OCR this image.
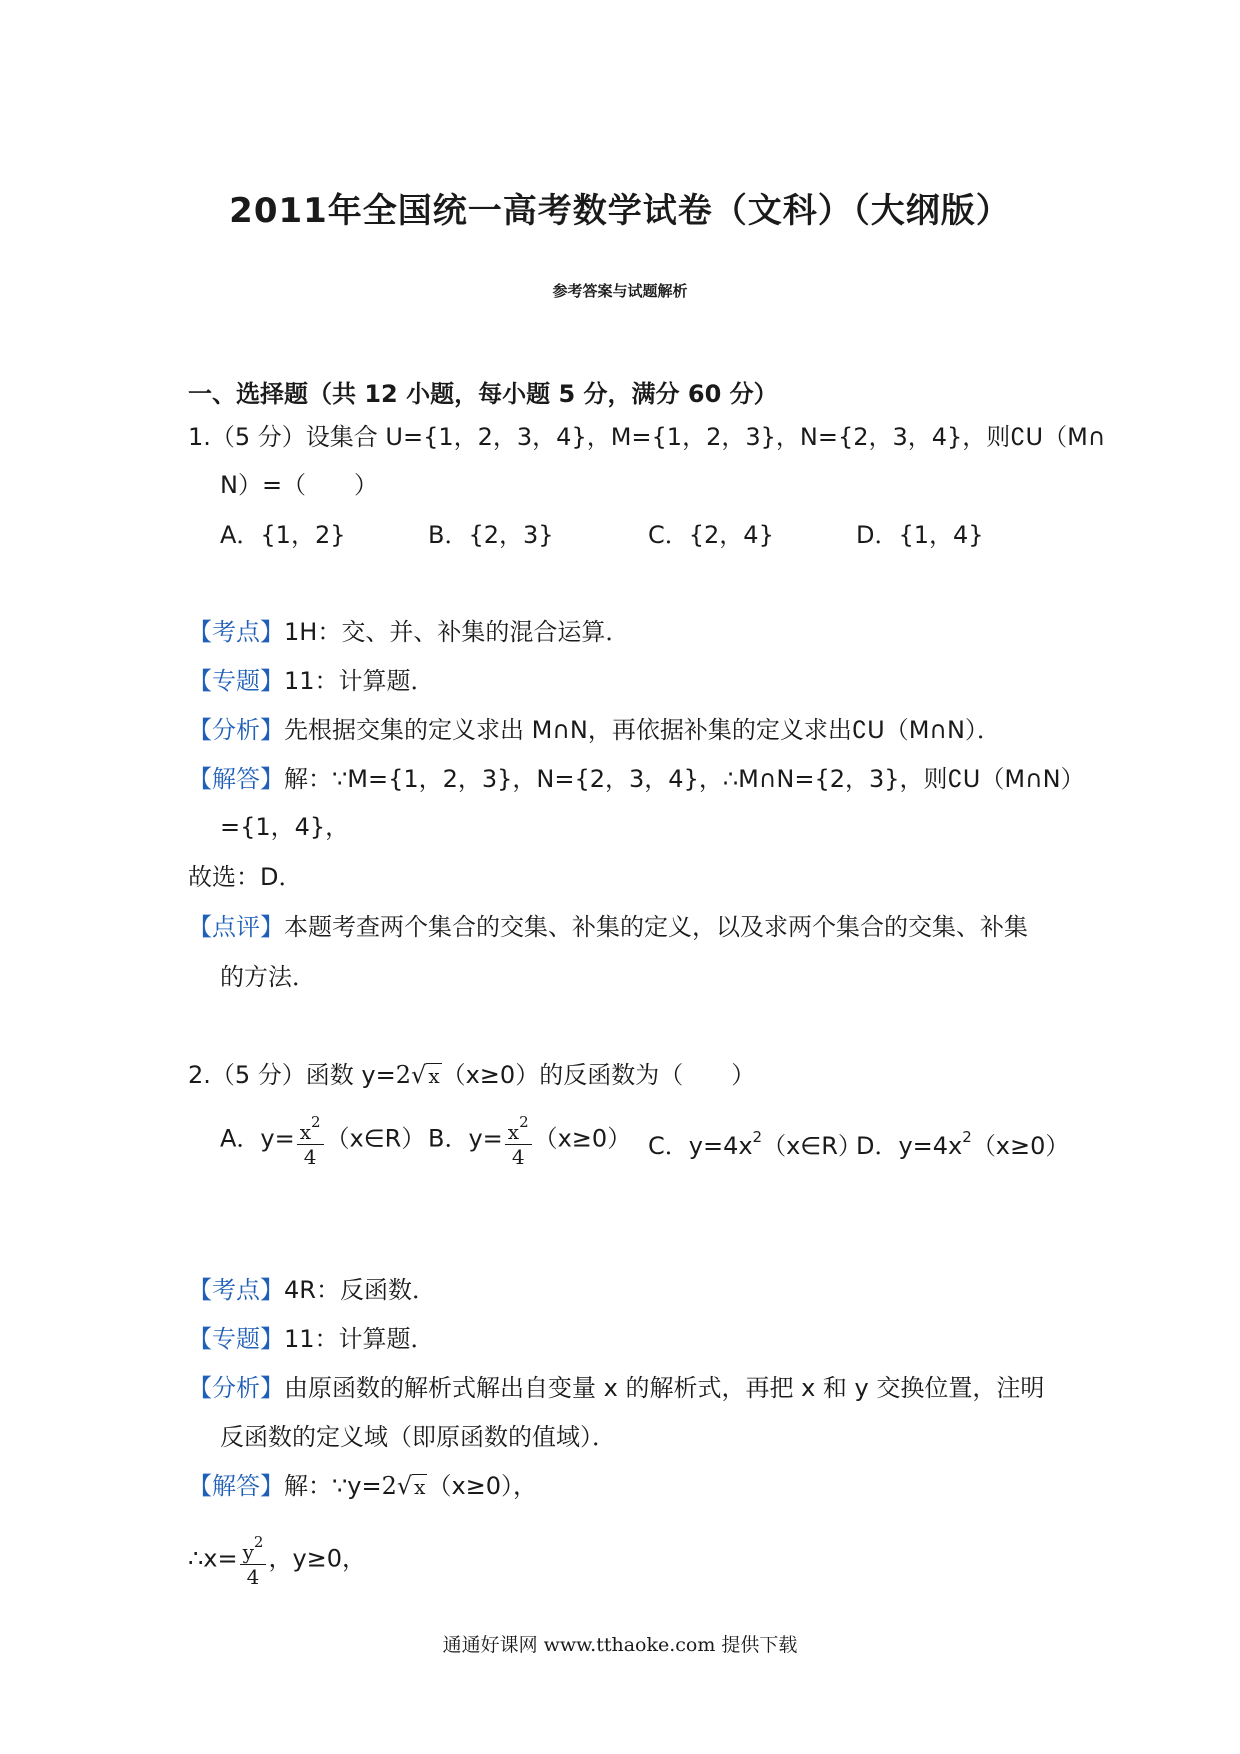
2011年全国统一高考数学试卷（文科）（大纲版）
参考答案与试题解析
一、选择题（共 12 小题，每小题 5 分，满分 60 分）
1.（5 分）设集合 U={1，2，3，4}，M={1，2，3}，N={2，3，4}，则∁U（M∩
N）=（　　）
A．{1，2}	B．{2，3}	C．{2，4}	D．{1，4}
【考点】1H：交、并、补集的混合运算．
【专题】11：计算题．
【分析】先根据交集的定义求出 M∩N，再依据补集的定义求出∁U（M∩N）．
【解答】解：∵M={1，2，3}，N={2，3，4}，∴M∩N={2，3}，则∁U（M∩N）
={1，4}，
故选：D．
【点评】本题考查两个集合的交集、补集的定义，以及求两个集合的交集、补集
的方法．
2.（5 分）函数 y=2√ x（x≥0）的反函数为（　　）
A．$y= \frac{x^2}{4}$ （x∈R） B．$y= \frac{x^2}{4} (x\ge 0)$ C．$y=4x^2(x\in R)$
D．$y=4x^2(x\ge 0)$
【考点】4R：反函数．
【专题】11：计算题．
【分析】由原函数的解析式解出自变量 x 的解析式，再把 x 和 y 交换位置，注明
反函数的定义域（即原函数的值域）．
【解答】解：∵y=2√ x（x≥0），
∴x= $\frac{y^2}{4}$ ，y≥0，
通通好课网 www.tthaoke.com 提供下载
